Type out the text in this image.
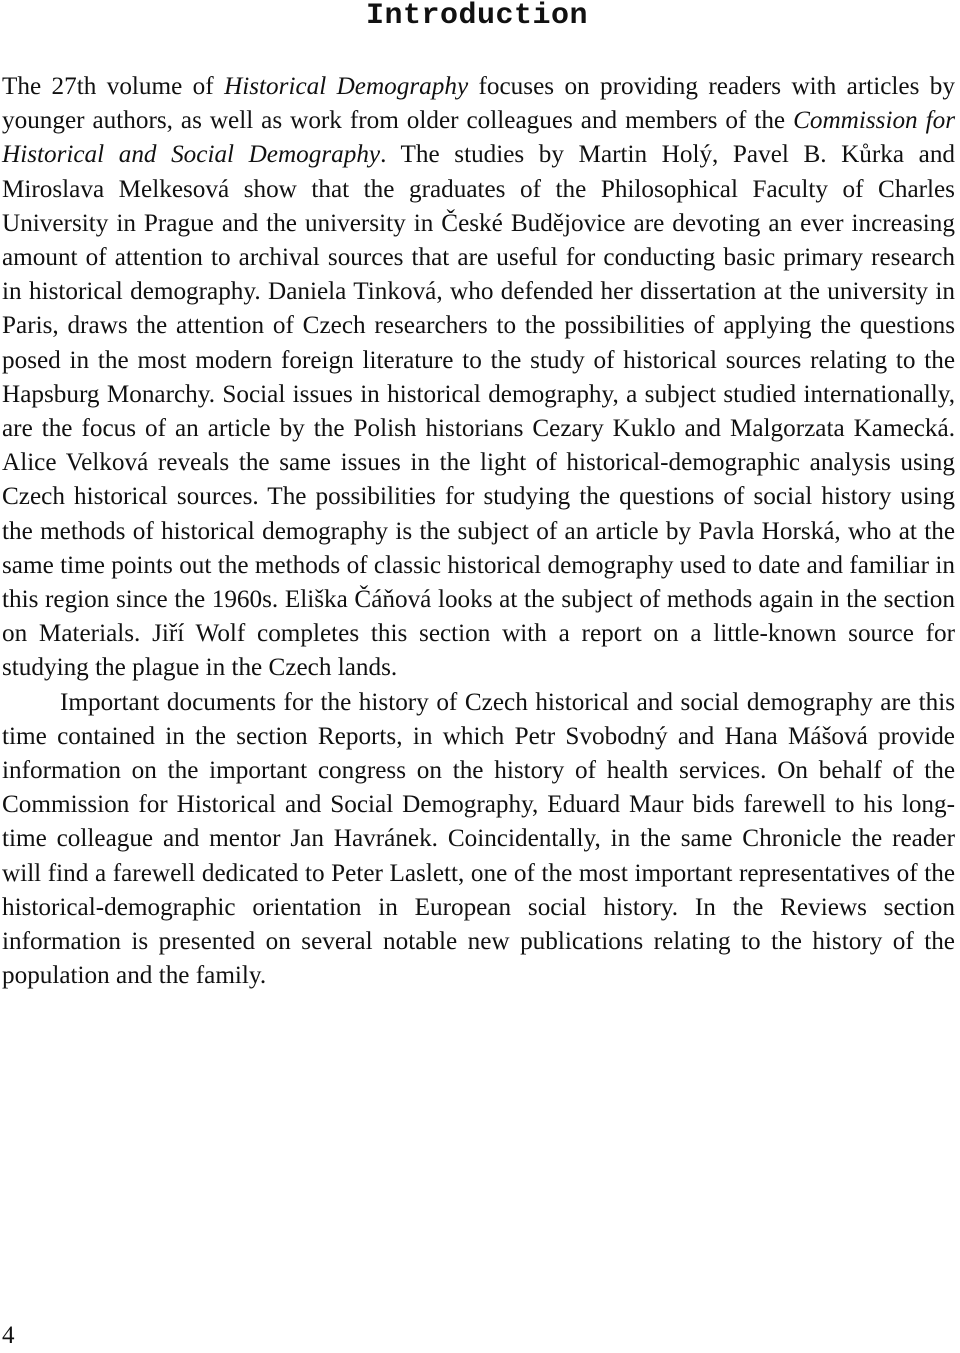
Introduction

The 27th volume of Historical Demography focuses on providing readers with articles by younger authors, as well as work from older colleagues and members of the Commission for Historical and Social Demography. The studies by Martin Holý, Pavel B. Kůrka and Miroslava Melkesová show that the graduates of the Philosophical Faculty of Charles University in Prague and the university in České Budějovice are devoting an ever increasing amount of attention to archival sources that are useful for conducting basic primary research in historical demography. Daniela Tinková, who defended her dissertation at the university in Paris, draws the attention of Czech researchers to the possibilities of applying the questions posed in the most modern foreign literature to the study of historical sources relating to the Hapsburg Monarchy. Social issues in historical demography, a subject studied internationally, are the focus of an article by the Polish historians Cezary Kuklo and Malgorzata Kamecká. Alice Velková reveals the same issues in the light of historical-demographic analysis using Czech historical sources. The possibilities for studying the questions of social history using the methods of historical demography is the subject of an article by Pavla Horská, who at the same time points out the methods of classic historical demography used to date and familiar in this region since the 1960s. Eliška Čáňová looks at the subject of methods again in the section on Materials. Jiří Wolf completes this section with a report on a little-known source for studying the plague in the Czech lands.

Important documents for the history of Czech historical and social demography are this time contained in the section Reports, in which Petr Svobodný and Hana Mášová provide information on the important congress on the history of health services. On behalf of the Commission for Historical and Social Demography, Eduard Maur bids farewell to his long-time colleague and mentor Jan Havránek. Coincidentally, in the same Chronicle the reader will find a farewell dedicated to Peter Laslett, one of the most important representatives of the historical-demographic orientation in European social history. In the Reviews section information is presented on several notable new publications relating to the history of the population and the family.

4
